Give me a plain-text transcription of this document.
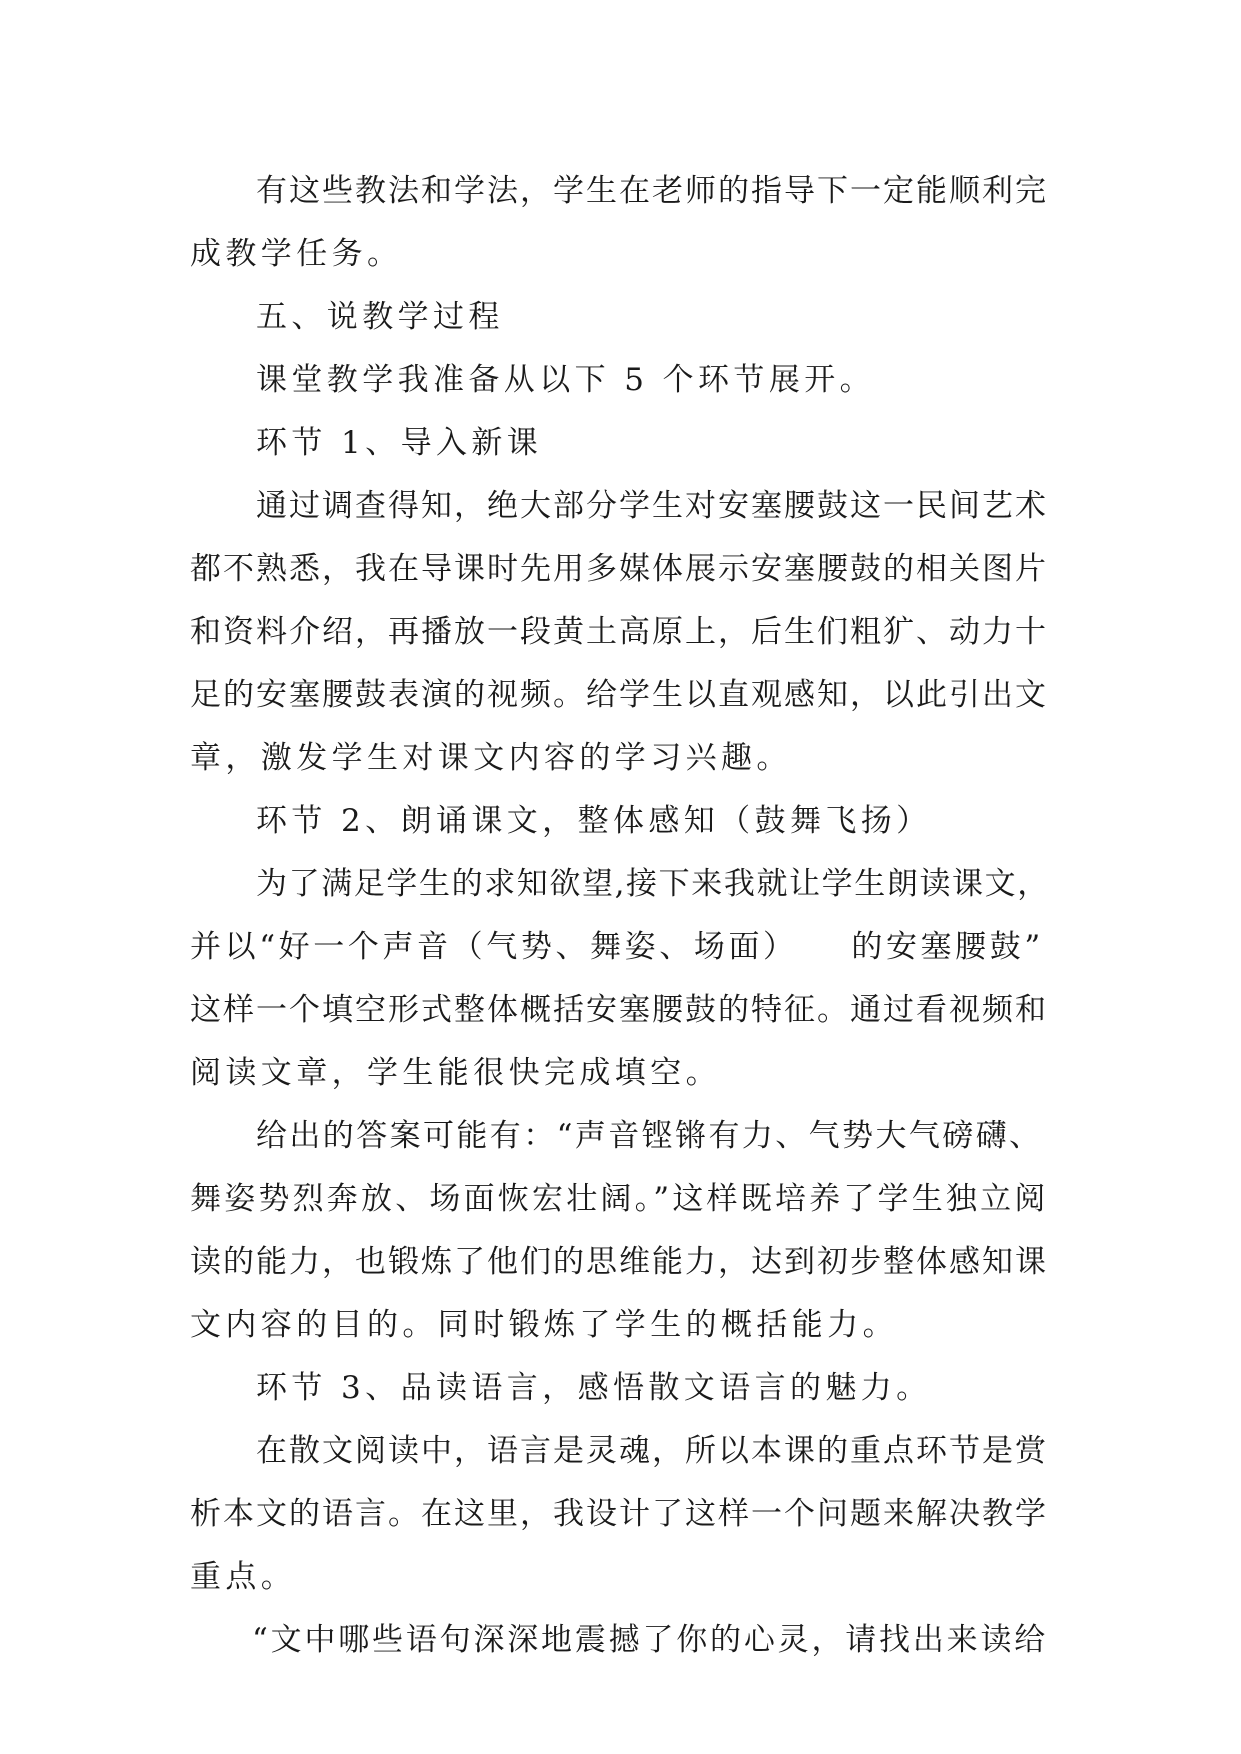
有这些教法和学法，学生在老师的指导下一定能顺利完

成教学任务。

五、说教学过程

课堂教学我准备从以下 5 个环节展开。

环节 1、导入新课

通过调查得知，绝大部分学生对安塞腰鼓这一民间艺术

都不熟悉，我在导课时先用多媒体展示安塞腰鼓的相关图片

和资料介绍，再播放一段黄土高原上，后生们粗犷、动力十

足的安塞腰鼓表演的视频。给学生以直观感知，以此引出文

章，激发学生对课文内容的学习兴趣。

环节 2、朗诵课文，整体感知（鼓舞飞扬）

为了满足学生的求知欲望,接下来我就让学生朗读课文，

并以“好一个声音（气势、舞姿、场面）　　的安塞腰鼓”

这样一个填空形式整体概括安塞腰鼓的特征。通过看视频和

阅读文章，学生能很快完成填空。

给出的答案可能有：“声音铿锵有力、气势大气磅礴、

舞姿势烈奔放、场面恢宏壮阔。”这样既培养了学生独立阅

读的能力，也锻炼了他们的思维能力，达到初步整体感知课

文内容的目的。同时锻炼了学生的概括能力。

环节 3、品读语言，感悟散文语言的魅力。

在散文阅读中，语言是灵魂，所以本课的重点环节是赏

析本文的语言。在这里，我设计了这样一个问题来解决教学

重点。

“文中哪些语句深深地震撼了你的心灵，请找出来读给
